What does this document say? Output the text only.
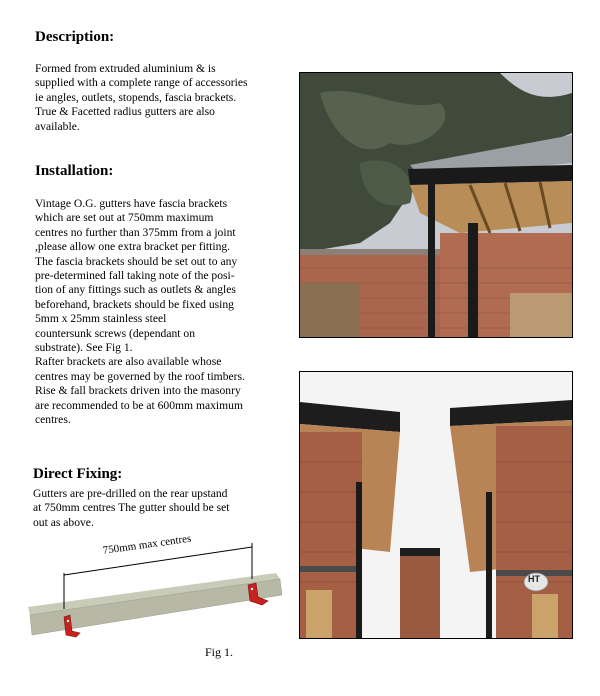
Description:
Formed from extruded aluminium & is
supplied with a complete range of accessories
ie angles, outlets, stopends, fascia brackets.
True & Facetted radius gutters are also
available.
Installation:
Vintage O.G. gutters have fascia brackets
which are set out at 750mm maximum
centres no further than 375mm from a joint
,please allow one extra bracket per fitting.
The fascia brackets should be set out to any
pre-determined fall taking note of the posi-
tion of any fittings such as outlets & angles
beforehand, brackets should be fixed using
5mm x 25mm stainless steel
countersunk screws (dependant on
substrate). See Fig 1.
Rafter brackets are also available whose
centres may be governed by the roof timbers.
Rise & fall brackets driven into the masonry
are recommended to be at 600mm maximum
centres.
Direct Fixing:
Gutters are pre-drilled on the rear upstand
at 750mm centres The gutter should be set
out as above.
750mm max centres
Fig 1.
HT
